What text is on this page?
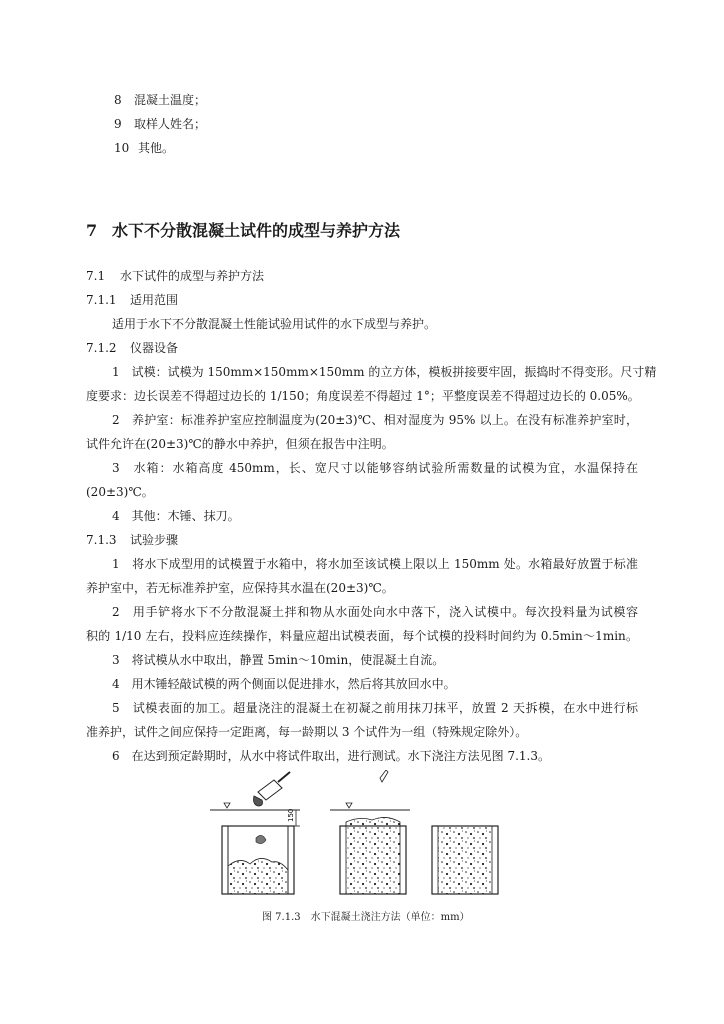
8 混凝土温度；
9 取样人姓名；
10 其他。
7 水下不分散混凝土试件的成型与养护方法
7.1 水下试件的成型与养护方法
7.1.1 适用范围
适用于水下不分散混凝土性能试验用试件的水下成型与养护。
7.1.2 仪器设备
1　试模：试模为 150mm×150mm×150mm 的立方体，模板拼接要牢固，振捣时不得变形。尺寸精
度要求：边长误差不得超过边长的 1/150；角度误差不得超过 1°；平整度误差不得超过边长的 0.05%。
2　养护室：标准养护室应控制温度为(20±3)℃、相对湿度为 95% 以上。在没有标准养护室时，
试件允许在(20±3)℃的静水中养护，但须在报告中注明。
3　水箱：水箱高度 450mm，长、宽尺寸以能够容纳试验所需数量的试模为宜，水温保持在
(20±3)℃。
4　其他：木锤、抹刀。
7.1.3 试验步骤
1　将水下成型用的试模置于水箱中，将水加至该试模上限以上 150mm 处。水箱最好放置于标准
养护室中，若无标准养护室，应保持其水温在(20±3)℃。
2　用手铲将水下不分散混凝土拌和物从水面处向水中落下，浇入试模中。每次投料量为试模容
积的 1/10 左右，投料应连续操作，料量应超出试模表面，每个试模的投料时间约为 0.5min～1min。
3　将试模从水中取出，静置 5min～10min，使混凝土自流。
4　用木锤轻敲试模的两个侧面以促进排水，然后将其放回水中。
5　试模表面的加工。超量浇注的混凝土在初凝之前用抹刀抹平，放置 2 天拆模，在水中进行标
准养护，试件之间应保持一定距离，每一龄期以 3 个试件为一组（特殊规定除外）。
6　在达到预定龄期时，从水中将试件取出，进行测试。水下浇注方法见图 7.1.3。
150
图 7.1.3　水下混凝土浇注方法（单位：mm）
